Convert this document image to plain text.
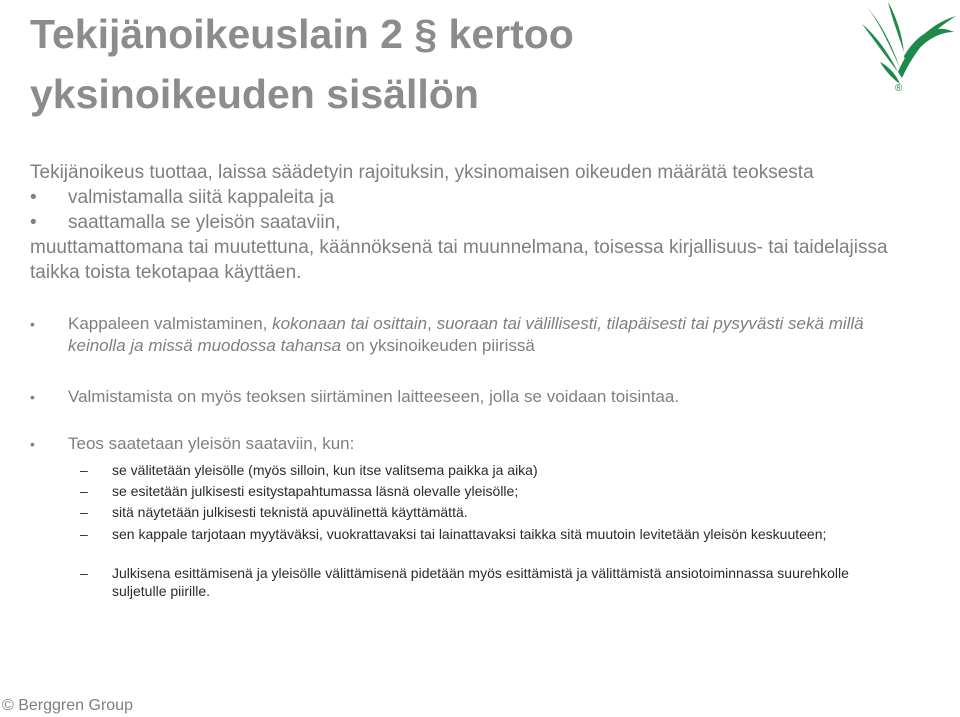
Tekijänoikeuslain 2 § kertoo
yksinoikeuden sisällön	®

Tekijänoikeus tuottaa, laissa säädetyin rajoituksin, yksinomaisen oikeuden määrätä teoksesta

•	valmistamalla siitä kappaleita ja
•	saattamalla se yleisön saataviin,

muuttamattomana tai muutettuna, käännöksenä tai muunnelmana, toisessa kirjallisuus- tai taidelajissa taikka toista tekotapaa käyttäen.

•	Kappaleen valmistaminen, kokonaan tai osittain, suoraan tai välillisesti, tilapäisesti tai pysyvästi sekä millä keinolla ja missä muodossa tahansa on yksinoikeuden piirissä
•	Valmistamista on myös teoksen siirtäminen laitteeseen, jolla se voidaan toisintaa.
•	Teos saatetaan yleisön saataviin, kun:
–	se välitetään yleisölle (myös silloin, kun itse valitsema paikka ja aika)
–	se esitetään julkisesti esitystapahtumassa läsnä olevalle yleisölle;
–	sitä näytetään julkisesti teknistä apuvälinettä käyttämättä.
–	sen kappale tarjotaan myytäväksi, vuokrattavaksi tai lainattavaksi taikka sitä muutoin levitetään yleisön keskuuteen;
–	Julkisena esittämisenä ja yleisölle välittämisenä pidetään myös esittämistä ja välittämistä ansiotoiminnassa suurehkolle suljetulle piirille.
© Berggren Group
